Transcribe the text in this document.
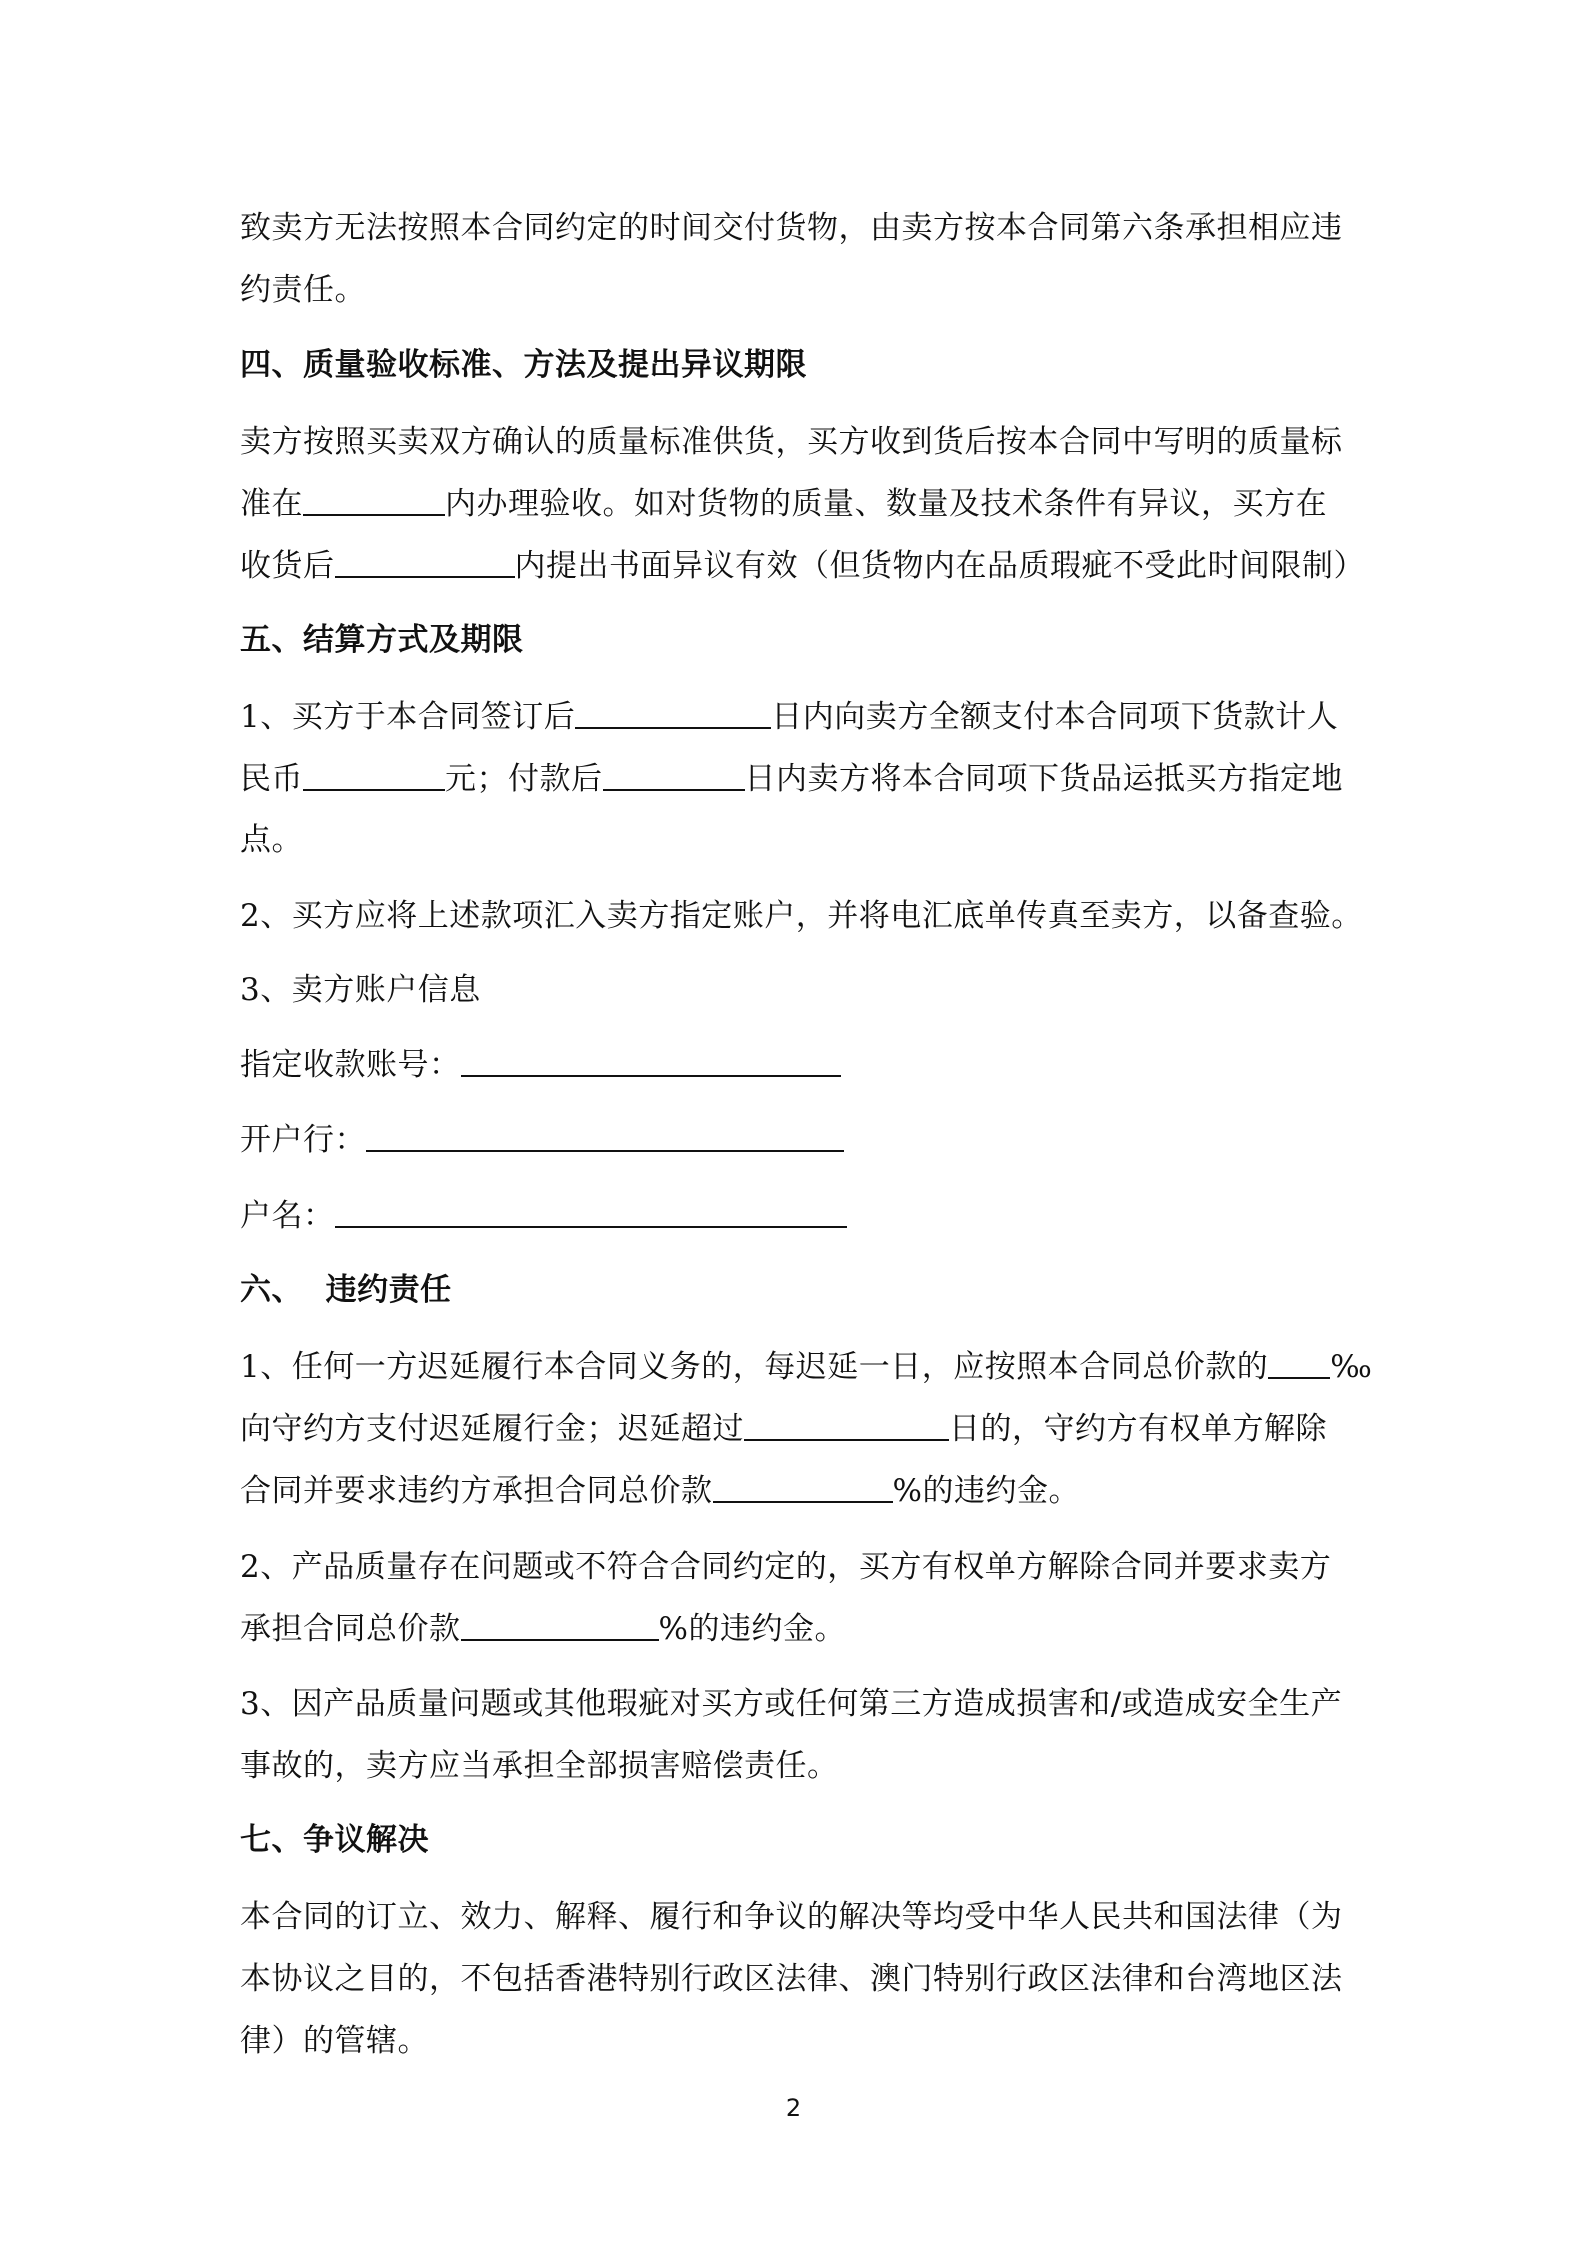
致卖方无法按照本合同约定的时间交付货物，由卖方按本合同第六条承担相应违
约责任。
四、质量验收标准、方法及提出异议期限
卖方按照买卖双方确认的质量标准供货，买方收到货后按本合同中写明的质量标
准在	内办理验收。如对货物的质量、数量及技术条件有异议，买方在
收货后	内提出书面异议有效（但货物内在品质瑕疵不受此时间限制）
五、结算方式及期限
1、买方于本合同签订后	日内向卖方全额支付本合同项下货款计人
民币	元；付款后	日内卖方将本合同项下货品运抵买方指定地
点。
2、买方应将上述款项汇入卖方指定账户，并将电汇底单传真至卖方，以备查验。
3、卖方账户信息
指定收款账号：
开户行：
户名：
六、  违约责任
1、任何一方迟延履行本合同义务的，每迟延一日，应按照本合同总价款的 ‰
向守约方支付迟延履行金；迟延超过	日的，守约方有权单方解除
合同并要求违约方承担合同总价款	%的违约金。
2、产品质量存在问题或不符合合同约定的，买方有权单方解除合同并要求卖方
承担合同总价款	%的违约金。
3、因产品质量问题或其他瑕疵对买方或任何第三方造成损害和/或造成安全生产
事故的，卖方应当承担全部损害赔偿责任。
七、争议解决
本合同的订立、效力、解释、履行和争议的解决等均受中华人民共和国法律（为
本协议之目的，不包括香港特别行政区法律、澳门特别行政区法律和台湾地区法
律）的管辖。
2
